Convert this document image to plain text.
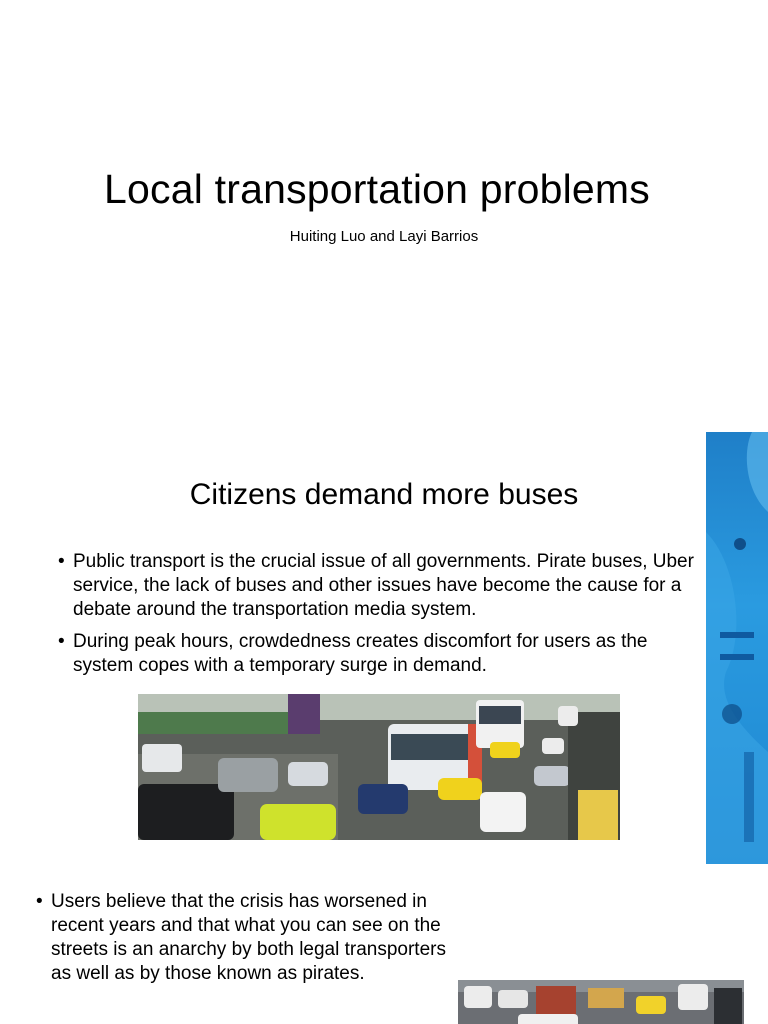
Local transportation problems
Huiting Luo and Layi Barrios
Citizens demand more buses
• Public transport is the crucial issue of all governments. Pirate buses, Uber service, the lack of buses and other issues have become the cause for a debate around the transportation media system.
• During peak hours, crowdedness creates discomfort for users as the system copes with a temporary surge in demand.
• Users believe that the crisis has worsened in recent years and that what you can see on the streets is an anarchy by both legal transporters as well as by those known as pirates.
